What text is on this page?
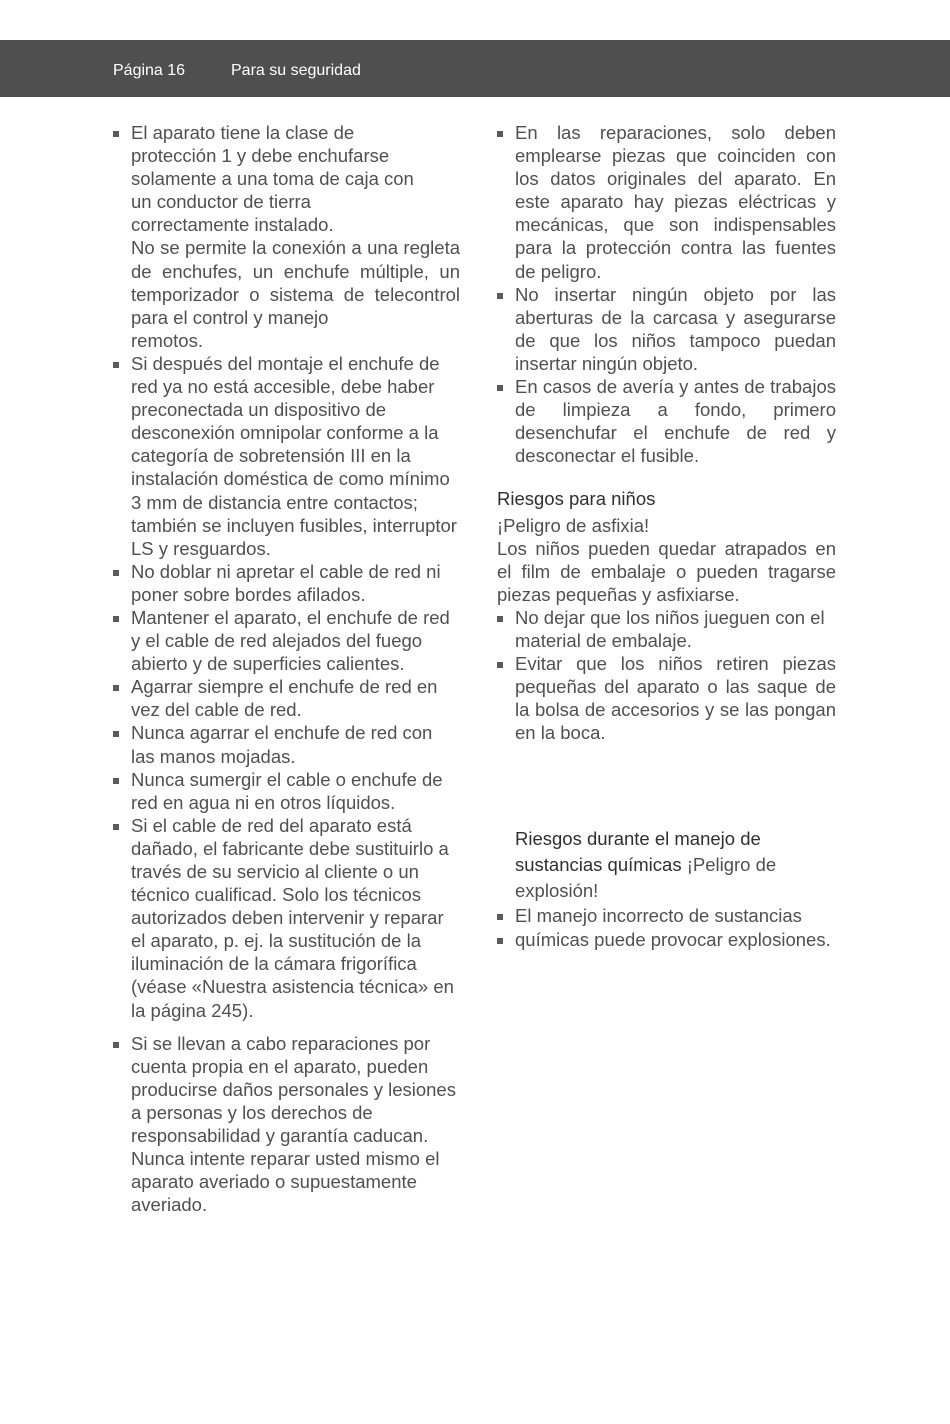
Página 16	Para su seguridad
El aparato tiene la clase de
protección 1 y debe enchufarse
solamente a una toma de caja con
un conductor de tierra
correctamente instalado.
No se permite la conexión a una regleta de enchufes, un enchufe múltiple, un temporizador o sistema de telecontrol para el control y manejo
remotos.
Si después del montaje el enchufe de red ya no está accesible, debe haber preconectada un dispositivo de desconexión omnipolar conforme a la categoría de sobretensión III en la instalación doméstica de como mínimo 3 mm de distancia entre contactos; también se incluyen fusibles, interruptor LS y resguardos.
No doblar ni apretar el cable de red ni poner sobre bordes afilados.
Mantener el aparato, el enchufe de red y el cable de red alejados del fuego abierto y de superficies calientes.
Agarrar siempre el enchufe de red en vez del cable de red.
Nunca agarrar el enchufe de red con las manos mojadas.
Nunca sumergir el cable o enchufe de red en agua ni en otros líquidos.
Si el cable de red del aparato está dañado, el fabricante debe sustituirlo a través de su servicio al cliente o un técnico cualificad. Solo los técnicos autorizados deben intervenir y reparar el aparato, p. ej. la sustitución de la iluminación de la cámara frigorífica (véase «Nuestra asistencia técnica» en la página 245).
Si se llevan a cabo reparaciones por cuenta propia en el aparato, pueden producirse daños personales y lesiones a personas y los derechos de responsabilidad y garantía caducan. Nunca intente reparar usted mismo el aparato averiado o supuestamente averiado.
En las reparaciones, solo deben emplearse piezas que coinciden con los datos originales del aparato. En este aparato hay piezas eléctricas y mecánicas, que son indispensables para la protección contra las fuentes de peligro.
No insertar ningún objeto por las aberturas de la carcasa y asegurarse de que los niños tampoco puedan insertar ningún objeto.
En casos de avería y antes de trabajos de limpieza a fondo, primero desenchufar el enchufe de red y desconectar el fusible.
Riesgos para niños
¡Peligro de asfixia!
Los niños pueden quedar atrapados en el film de embalaje o pueden tragarse piezas pequeñas y asfixiarse.
No dejar que los niños jueguen con el material de embalaje.
Evitar que los niños retiren piezas pequeñas del aparato o las saque de la bolsa de accesorios y se las pongan en la boca.
Riesgos durante el manejo de
sustancias químicas ¡Peligro de
explosión!
El manejo incorrecto de sustancias
químicas puede provocar explosiones.
